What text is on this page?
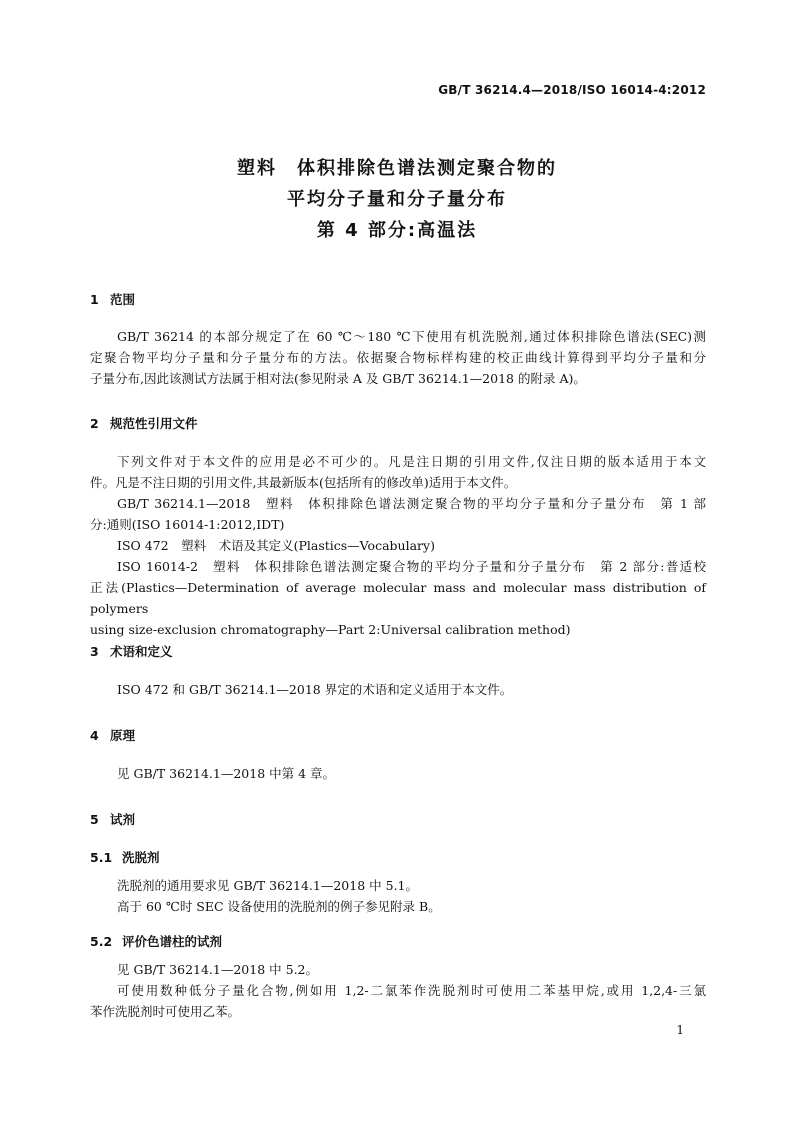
GB/T 36214.4—2018/ISO 16014-4:2012
塑料　体积排除色谱法测定聚合物的
平均分子量和分子量分布
第 4 部分:高温法
1 范围
GB/T 36214 的本部分规定了在 60 ℃～180 ℃下使用有机洗脱剂,通过体积排除色谱法(SEC)测
定聚合物平均分子量和分子量分布的方法。依据聚合物标样构建的校正曲线计算得到平均分子量和分
子量分布,因此该测试方法属于相对法(参见附录 A 及 GB/T 36214.1—2018 的附录 A)。
2 规范性引用文件
下列文件对于本文件的应用是必不可少的。凡是注日期的引用文件,仅注日期的版本适用于本文
件。凡是不注日期的引用文件,其最新版本(包括所有的修改单)适用于本文件。
GB/T 36214.1—2018　塑料　体积排除色谱法测定聚合物的平均分子量和分子量分布　第 1 部
分:通则(ISO 16014-1:2012,IDT)
ISO 472　塑料　术语及其定义(Plastics—Vocabulary)
ISO 16014-2　塑料　体积排除色谱法测定聚合物的平均分子量和分子量分布　第 2 部分:普适校
正法(Plastics—Determination of average molecular mass and molecular mass distribution of polymers
using size-exclusion chromatography—Part 2:Universal calibration method)
3 术语和定义
ISO 472 和 GB/T 36214.1—2018 界定的术语和定义适用于本文件。
4 原理
见 GB/T 36214.1—2018 中第 4 章。
5 试剂
5.1 洗脱剂
洗脱剂的通用要求见 GB/T 36214.1—2018 中 5.1。
高于 60 ℃时 SEC 设备使用的洗脱剂的例子参见附录 B。
5.2 评价色谱柱的试剂
见 GB/T 36214.1—2018 中 5.2。
可使用数种低分子量化合物,例如用 1,2-二氯苯作洗脱剂时可使用二苯基甲烷,或用 1,2,4-三氯
苯作洗脱剂时可使用乙苯。
1
